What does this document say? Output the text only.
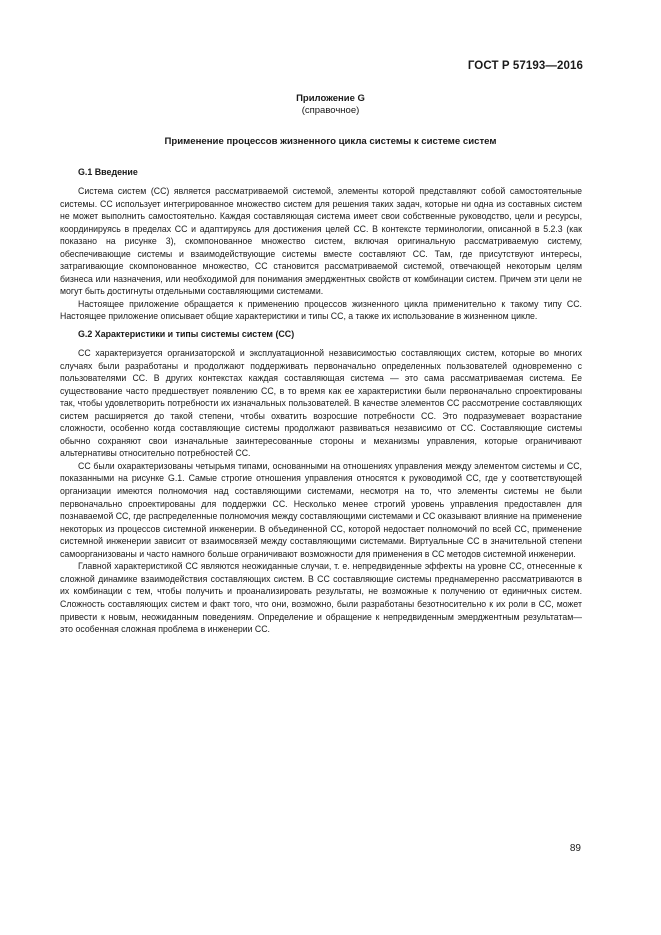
ГОСТ Р 57193—2016
Приложение G
(справочное)
Применение процессов жизненного цикла системы к системе систем
G.1 Введение

Система систем (СС) является рассматриваемой системой, элементы которой представляют собой самостоятельные системы. СС использует интегрированное множество систем для решения таких задач, которые ни одна из составных систем не может выполнить самостоятельно. Каждая составляющая система имеет свои собственные руководство, цели и ресурсы, координируясь в пределах СС и адаптируясь для достижения целей СС. В контексте терминологии, описанной в 5.2.3 (как показано на рисунке 3), скомпонованное множество систем, включая оригинальную рассматриваемую систему, обеспечивающие системы и взаимодействующие системы вместе составляют СС. Там, где присутствуют интересы, затрагивающие скомпонованное множество, СС становится рассматриваемой системой, отвечающей некоторым целям бизнеса или назначения, или необходимой для понимания эмерджентных свойств от комбинации систем. Причем эти цели не могут быть достигнуты отдельными составляющими системами.

Настоящее приложение обращается к применению процессов жизненного цикла применительно к такому типу СС. Настоящее приложение описывает общие характеристики и типы СС, а также их использование в жизненном цикле.

G.2 Характеристики и типы системы систем (СС)

СС характеризуется организаторской и эксплуатационной независимостью составляющих систем, которые во многих случаях были разработаны и продолжают поддерживать первоначально определенных пользователей одновременно с пользователями СС. В других контекстах каждая составляющая система — это сама рассматриваемая система. Ее существование часто предшествует появлению СС, в то время как ее характеристики были первоначально спроектированы так, чтобы удовлетворить потребности их изначальных пользователей. В качестве элементов СС рассмотрение составляющих систем расширяется до такой степени, чтобы охватить возросшие потребности СС. Это подразумевает возрастание сложности, особенно когда составляющие системы продолжают развиваться независимо от СС. Составляющие системы обычно сохраняют свои изначальные заинтересованные стороны и механизмы управления, которые ограничивают альтернативы относительно потребностей СС.

СС были охарактеризованы четырьмя типами, основанными на отношениях управления между элементом системы и СС, показанными на рисунке G.1. Самые строгие отношения управления относятся к руководимой СС, где у соответствующей организации имеются полномочия над составляющими системами, несмотря на то, что элементы системы не были первоначально спроектированы для поддержки СС. Несколько менее строгий уровень управления предоставлен для познаваемой СС, где распределенные полномочия между составляющими системами и СС оказывают влияние на применение некоторых из процессов системной инженерии. В объединенной СС, которой недостает полномочий по всей СС, применение системной инженерии зависит от взаимосвязей между составляющими системами. Виртуальные СС в значительной степени самоорганизованы и часто намного больше ограничивают возможности для применения в СС методов системной инженерии.

Главной характеристикой СС являются неожиданные случаи, т. е. непредвиденные эффекты на уровне СС, отнесенные к сложной динамике взаимодействия составляющих систем. В СС составляющие системы преднамеренно рассматриваются в их комбинации с тем, чтобы получить и проанализировать результаты, не возможные к получению от единичных систем. Сложность составляющих систем и факт того, что они, возможно, были разработаны безотносительно к их роли в СС, может привести к новым, неожиданным поведениям. Определение и обращение к непредвиденным эмерджентным результатам— это особенная сложная проблема в инженерии СС.

89
